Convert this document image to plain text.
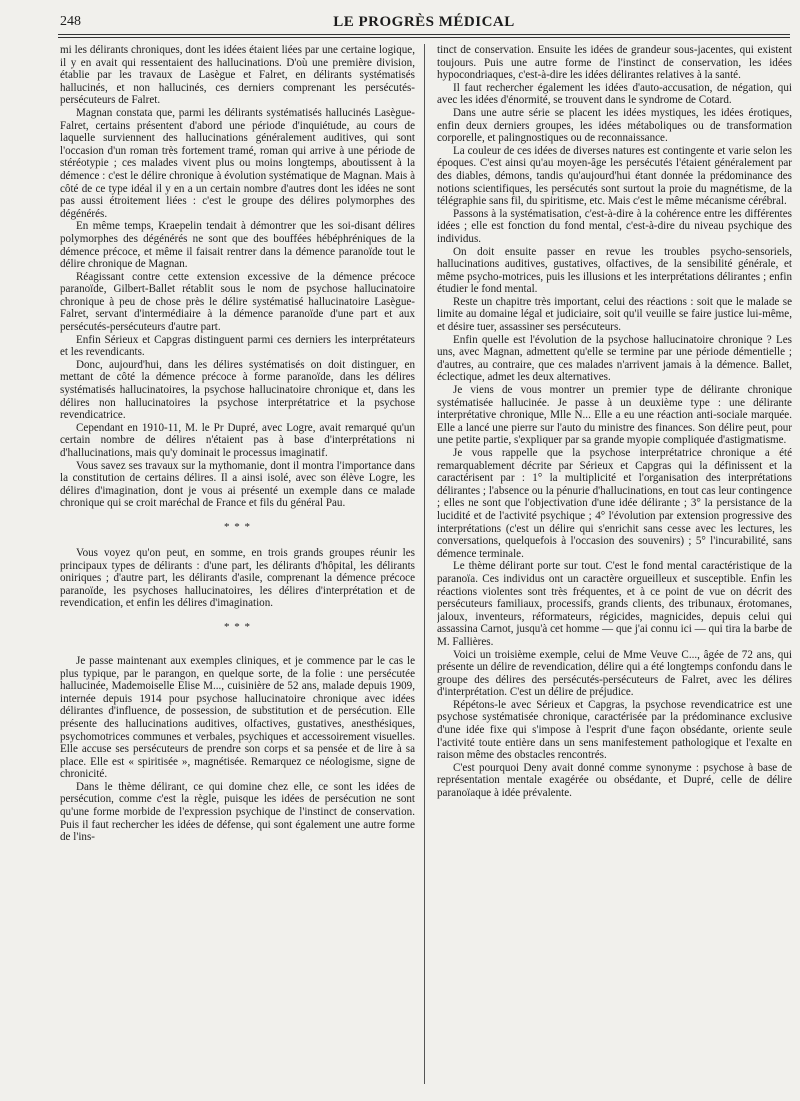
248	LE PROGRÈS MÉDICAL

mi les délirants chroniques, dont les idées étaient liées par une certaine logique, il y en avait qui ressentaient des hallucinations. D'où une première division, établie par les travaux de Lasègue et Falret, en délirants systématisés hallucinés, et non hallucinés, ces derniers comprenant les persécutés-persécuteurs de Falret.

Magnan constata que, parmi les délirants systématisés hallucinés Lasègue-Falret, certains présentent d'abord une période d'inquiétude, au cours de laquelle surviennent des hallucinations généralement auditives, qui sont l'occasion d'un roman très fortement tramé, roman qui arrive à une période de stéréotypie ; ces malades vivent plus ou moins longtemps, aboutissent à la démence : c'est le délire chronique à évolution systématique de Magnan. Mais à côté de ce type idéal il y en a un certain nombre d'autres dont les idées ne sont pas aussi étroitement liées : c'est le groupe des délires polymorphes des dégénérés.

En même temps, Kraepelin tendait à démontrer que les soi-disant délires polymorphes des dégénérés ne sont que des bouffées hébéphréniques de la démence précoce, et même il faisait rentrer dans la démence paranoïde tout le délire chronique de Magnan.

Réagissant contre cette extension excessive de la démence précoce paranoïde, Gilbert-Ballet rétablit sous le nom de psychose hallucinatoire chronique à peu de chose près le délire systématisé hallucinatoire Lasègue-Falret, servant d'intermédiaire à la démence paranoïde d'une part et aux persécutés-persécuteurs d'autre part.

Enfin Sérieux et Capgras distinguent parmi ces derniers les interprétateurs et les revendicants.

Donc, aujourd'hui, dans les délires systématisés on doit distinguer, en mettant de côté la démence précoce à forme paranoïde, dans les délires systématisés hallucinatoires, la psychose hallucinatoire chronique et, dans les délires non hallucinatoires la psychose interprétatrice et la psychose revendicatrice.

Cependant en 1910-11, M. le Pr Dupré, avec Logre, avait remarqué qu'un certain nombre de délires n'étaient pas à base d'interprétations ni d'hallucinations, mais qu'y dominait le processus imaginatif.

Vous savez ses travaux sur la mythomanie, dont il montra l'importance dans la constitution de certains délires. Il a ainsi isolé, avec son élève Logre, les délires d'imagination, dont je vous ai présenté un exemple dans ce malade chronique qui se croit maréchal de France et fils du général Pau.

* * *

Vous voyez qu'on peut, en somme, en trois grands groupes réunir les principaux types de délirants : d'une part, les délirants d'hôpital, les délirants oniriques ; d'autre part, les délirants d'asile, comprenant la démence précoce paranoïde, les psychoses hallucinatoires, les délires d'interprétation et de revendication, et enfin les délires d'imagination.

* * *

Je passe maintenant aux exemples cliniques, et je commence par le cas le plus typique, par le parangon, en quelque sorte, de la folie : une persécutée hallucinée, Mademoiselle Elise M..., cuisinière de 52 ans, malade depuis 1909, internée depuis 1914 pour psychose hallucinatoire chronique avec idées délirantes d'influence, de possession, de substitution et de persécution. Elle présente des hallucinations auditives, olfactives, gustatives, anesthésiques, psychomotrices communes et verbales, psychiques et accessoirement visuelles. Elle accuse ses persécuteurs de prendre son corps et sa pensée et de lire à sa place. Elle est « spiritisée », magnétisée. Remarquez ce néologisme, signe de chronicité.

Dans le thème délirant, ce qui domine chez elle, ce sont les idées de persécution, comme c'est la règle, puisque les idées de persécution ne sont qu'une forme morbide de l'expression psychique de l'instinct de conservation. Puis il faut rechercher les idées de défense, qui sont également une autre forme de l'ins-

tinct de conservation. Ensuite les idées de grandeur sous-jacentes, qui existent toujours. Puis une autre forme de l'instinct de conservation, les idées hypocondriaques, c'est-à-dire les idées délirantes relatives à la santé.

Il faut rechercher également les idées d'auto-accusation, de négation, qui avec les idées d'énormité, se trouvent dans le syndrome de Cotard.

Dans une autre série se placent les idées mystiques, les idées érotiques, enfin deux derniers groupes, les idées métaboliques ou de transformation corporelle, et palingnostiques ou de reconnaissance.

La couleur de ces idées de diverses natures est contingente et varie selon les époques. C'est ainsi qu'au moyen-âge les persécutés l'étaient généralement par des diables, démons, tandis qu'aujourd'hui étant donnée la prédominance des notions scientifiques, les persécutés sont surtout la proie du magnétisme, de la télégraphie sans fil, du spiritisme, etc. Mais c'est le même mécanisme cérébral.

Passons à la systématisation, c'est-à-dire à la cohérence entre les différentes idées ; elle est fonction du fond mental, c'est-à-dire du niveau psychique des individus.

On doit ensuite passer en revue les troubles psycho-sensoriels, hallucinations auditives, gustatives, olfactives, de la sensibilité générale, et même psycho-motrices, puis les illusions et les interprétations délirantes ; enfin étudier le fond mental.

Reste un chapitre très important, celui des réactions : soit que le malade se limite au domaine légal et judiciaire, soit qu'il veuille se faire justice lui-même, et désire tuer, assassiner ses persécuteurs.

Enfin quelle est l'évolution de la psychose hallucinatoire chronique ? Les uns, avec Magnan, admettent qu'elle se termine par une période démentielle ; d'autres, au contraire, que ces malades n'arrivent jamais à la démence. Ballet, éclectique, admet les deux alternatives.

Je viens de vous montrer un premier type de délirante chronique systématisée hallucinée. Je passe à un deuxième type : une délirante interprétative chronique, Mlle N... Elle a eu une réaction anti-sociale marquée. Elle a lancé une pierre sur l'auto du ministre des finances. Son délire peut, pour une petite partie, s'expliquer par sa grande myopie compliquée d'astigmatisme.

Je vous rappelle que la psychose interprétatrice chronique a été remarquablement décrite par Sérieux et Capgras qui la définissent et la caractérisent par : 1° la multiplicité et l'organisation des interprétations délirantes ; l'absence ou la pénurie d'hallucinations, en tout cas leur contingence ; elles ne sont que l'objectivation d'une idée délirante ; 3° la persistance de la lucidité et de l'activité psychique ; 4° l'évolution par extension progressive des interprétations (c'est un délire qui s'enrichit sans cesse avec les lectures, les conversations, quelquefois à l'occasion des souvenirs) ; 5° l'incurabilité, sans démence terminale.

Le thème délirant porte sur tout. C'est le fond mental caractéristique de la paranoïa. Ces individus ont un caractère orgueilleux et susceptible. Enfin les réactions violentes sont très fréquentes, et à ce point de vue on décrit des persécuteurs familiaux, processifs, grands clients, des tribunaux, érotomanes, jaloux, inventeurs, réformateurs, régicides, magnicides, depuis celui qui assassina Carnot, jusqu'à cet homme — que j'ai connu ici — qui tira la barbe de M. Fallières.

Voici un troisième exemple, celui de Mme Veuve C..., âgée de 72 ans, qui présente un délire de revendication, délire qui a été longtemps confondu dans le groupe des délires des persécutés-persécuteurs de Falret, avec les délires d'interprétation. C'est un délire de préjudice.

Répétons-le avec Sérieux et Capgras, la psychose revendicatrice est une psychose systématisée chronique, caractérisée par la prédominance exclusive d'une idée fixe qui s'impose à l'esprit d'une façon obsédante, oriente seule l'activité toute entière dans un sens manifestement pathologique et l'exalte en raison même des obstacles rencontrés.

C'est pourquoi Deny avait donné comme synonyme : psychose à base de représentation mentale exagérée ou obsédante, et Dupré, celle de délire paranoïaque à idée prévalente.
